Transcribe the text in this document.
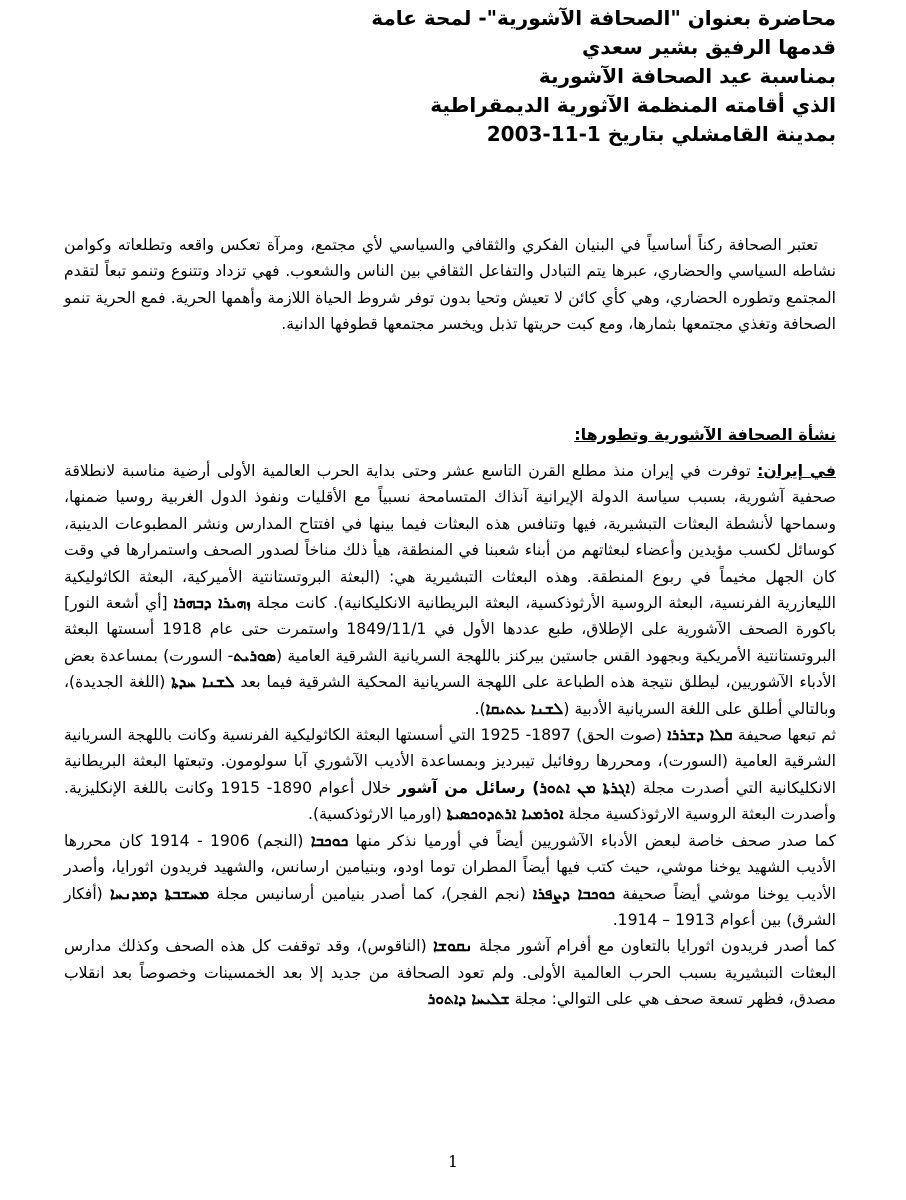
محاضرة بعنوان "الصحافة الآشورية"- لمحة عامة
قدمها الرفيق بشير سعدي
بمناسبة عيد الصحافة الآشورية
الذي أقامته المنظمة الآثورية الديمقراطية
بمدينة القامشلي بتاريخ 1-11-2003

تعتبر الصحافة ركناً أساسياً في البنيان الفكري والثقافي والسياسي لأي مجتمع، ومرآة تعكس واقعه وتطلعاته وكوامن نشاطه السياسي والحضاري، عبرها يتم التبادل والتفاعل الثقافي بين الناس والشعوب. فهي تزداد وتتنوع وتنمو تبعاً لتقدم المجتمع وتطوره الحضاري، وهي كأي كائن لا تعيش وتحيا بدون توفر شروط الحياة اللازمة وأهمها الحرية. فمع الحرية تنمو الصحافة وتغذي مجتمعها بثمارها، ومع كبت حريتها تذبل ويخسر مجتمعها قطوفها الدانية.

نشأة الصحافة الآشورية وتطورها:

في إيران: توفرت في إيران منذ مطلع القرن التاسع عشر وحتى بداية الحرب العالمية الأولى أرضية مناسبة لانطلاقة صحفية آشورية، بسبب سياسة الدولة الإيرانية آنذاك المتسامحة نسبياً مع الأقليات ونفوذ الدول الغربية روسيا ضمنها، وسماحها لأنشطة البعثات التبشيرية، فيها وتنافس هذه البعثات فيما بينها في افتتاح المدارس ونشر المطبوعات الدينية، كوسائل لكسب مؤيدين وأعضاء لبعثاتهم من أبناء شعبنا في المنطقة، هيأ ذلك مناخاً لصدور الصحف واستمرارها في وقت كان الجهل مخيماً في ربوع المنطقة. وهذه البعثات التبشيرية هي: (البعثة البروتستانتية الأميركية، البعثة الكاثوليكية الليعازرية الفرنسية، البعثة الروسية الأرثوذكسية، البعثة البريطانية الانكليكانية). كانت مجلة ܙܗܝܪܐ ܕܒܗܪܐ [أي أشعة النور] باكورة الصحف الآشورية على الإطلاق، طبع عددها الأول في 1849/11/1 واستمرت حتى عام 1918 أسستها البعثة البروتستانتية الأمريكية وبجهود القس جاستين بيركنز باللهجة السريانية الشرقية العامية (ܣܘܪܝܬ- السورت) بمساعدة بعض الأدباء الآشوريين، ليطلق نتيجة هذه الطباعة على اللهجة السريانية المحكية الشرقية فيما بعد ܠܫܢܐ ܚܕܬܐ (اللغة الجديدة)، وبالتالي أطلق على اللغة السريانية الأدبية (ܠܫܢܐ ܥܬܝܩܐ).

ثم تبعها صحيفة ܩܠܐ ܕܫܪܪܐ (صوت الحق) 1897- 1925 التي أسستها البعثة الكاثوليكية الفرنسية وكانت باللهجة السريانية الشرقية العامية (السورت)، ومحررها روفائيل تيبرديز وبمساعدة الأديب الآشوري آبا سولومون. وتبعتها البعثة البريطانية الانكليكانية التي أصدرت مجلة (ܐܓܪܬܐ ܡܢ ܐܬܘܪ) رسائل من آشور خلال أعوام 1890- 1915 وكانت باللغة الإنكليزية. وأصدرت البعثة الروسية الارثوذكسية مجلة ܐܘܪܡܝܐ ܐܪܬܕܘܟܣܝܬܐ (اورميا الارثوذكسية).

كما صدر صحف خاصة لبعض الأدباء الآشوريين أيضاً في أورميا نذكر منها ܟܘܟܒܐ (النجم) 1906 - 1914 كان محررها الأديب الشهيد يوخنا موشي، حيث كتب فيها أيضاً المطران توما اودو، وبنيامين ارسانس، والشهيد فريدون اثورايا، وأصدر الأديب يوخنا موشي أيضاً صحيفة ܟܘܟܒܐ ܕܨܦܪܐ (نجم الفجر)، كما أصدر بنيامين أرسانيس مجلة ܡܚܫܒܬܐ ܕܡܕܢܚܐ (أفكار الشرق) بين أعوام 1913 – 1914.

كما أصدر فريدون اثورايا بالتعاون مع أفرام آشور مجلة ܢܩܘܫܐ (الناقوس)، وقد توقفت كل هذه الصحف وكذلك مدارس البعثات التبشيرية بسبب الحرب العالمية الأولى. ولم تعود الصحافة من جديد إلا بعد الخمسينات وخصوصاً بعد انقلاب مصدق، فظهر تسعة صحف هي على التوالي: مجلة ܫܠܝܚܐ ܕܐܬܘܪ

1
